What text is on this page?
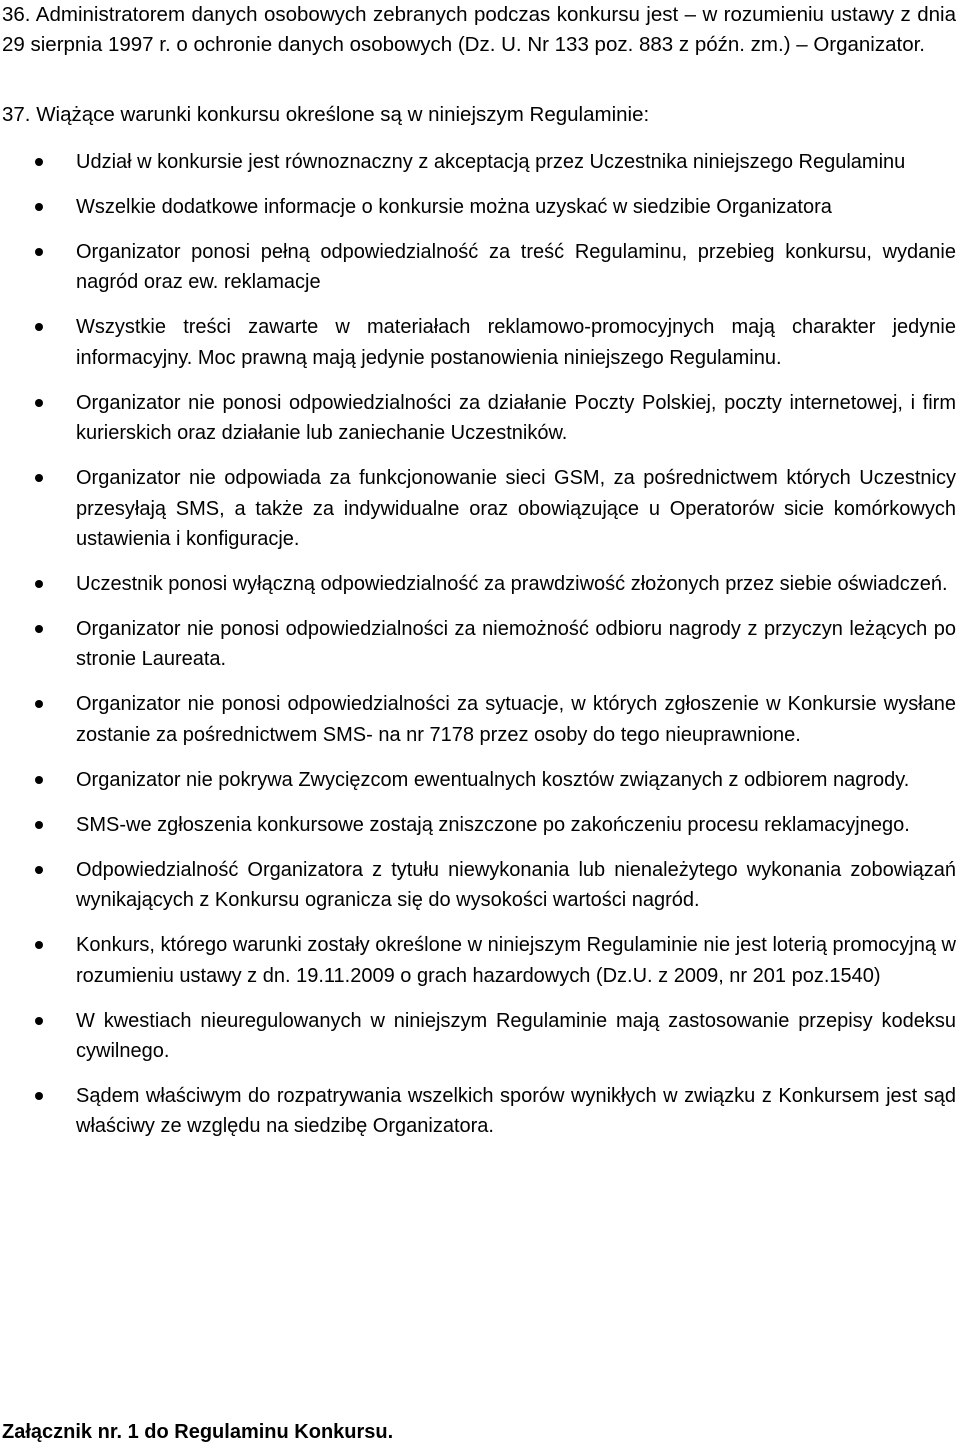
36. Administratorem danych osobowych zebranych podczas konkursu jest – w rozumieniu ustawy z dnia 29 sierpnia 1997 r. o ochronie danych osobowych (Dz. U. Nr 133 poz. 883 z późn. zm.) – Organizator.

37. Wiążące warunki konkursu określone są w niniejszym Regulaminie:

Udział w konkursie jest równoznaczny z akceptacją przez Uczestnika niniejszego Regulaminu
Wszelkie dodatkowe informacje o konkursie można uzyskać w siedzibie Organizatora
Organizator ponosi pełną odpowiedzialność za treść Regulaminu, przebieg konkursu, wydanie nagród oraz ew. reklamacje
Wszystkie treści zawarte w materiałach reklamowo-promocyjnych mają charakter jedynie informacyjny. Moc prawną mają jedynie postanowienia niniejszego Regulaminu.
Organizator nie ponosi odpowiedzialności za działanie Poczty Polskiej, poczty internetowej, i firm kurierskich oraz działanie lub zaniechanie Uczestników.
Organizator nie odpowiada za funkcjonowanie sieci GSM, za pośrednictwem których Uczestnicy przesyłają SMS, a także za indywidualne oraz obowiązujące u Operatorów sicie komórkowych ustawienia i konfiguracje.
Uczestnik ponosi wyłączną odpowiedzialność za prawdziwość złożonych przez siebie oświadczeń.
Organizator nie ponosi odpowiedzialności za niemożność odbioru nagrody z przyczyn leżących po stronie Laureata.
Organizator nie ponosi odpowiedzialności za sytuacje, w których zgłoszenie w Konkursie wysłane zostanie za pośrednictwem SMS- na nr 7178 przez osoby do tego nieuprawnione.
Organizator nie pokrywa Zwycięzcom ewentualnych kosztów związanych z odbiorem nagrody.
SMS-we zgłoszenia konkursowe zostają zniszczone po zakończeniu procesu reklamacyjnego.
Odpowiedzialność Organizatora z tytułu niewykonania lub nienależytego wykonania zobowiązań wynikających z Konkursu ogranicza się do wysokości wartości nagród.
Konkurs, którego warunki zostały określone w niniejszym Regulaminie nie jest loterią promocyjną w rozumieniu ustawy z dn. 19.11.2009 o grach hazardowych (Dz.U. z 2009, nr 201 poz.1540)
W kwestiach nieuregulowanych w niniejszym Regulaminie mają zastosowanie przepisy kodeksu cywilnego.
Sądem właściwym do rozpatrywania wszelkich sporów wynikłych w związku z Konkursem jest sąd właściwy ze względu na siedzibę Organizatora.

Załącznik nr. 1 do Regulaminu Konkursu.
